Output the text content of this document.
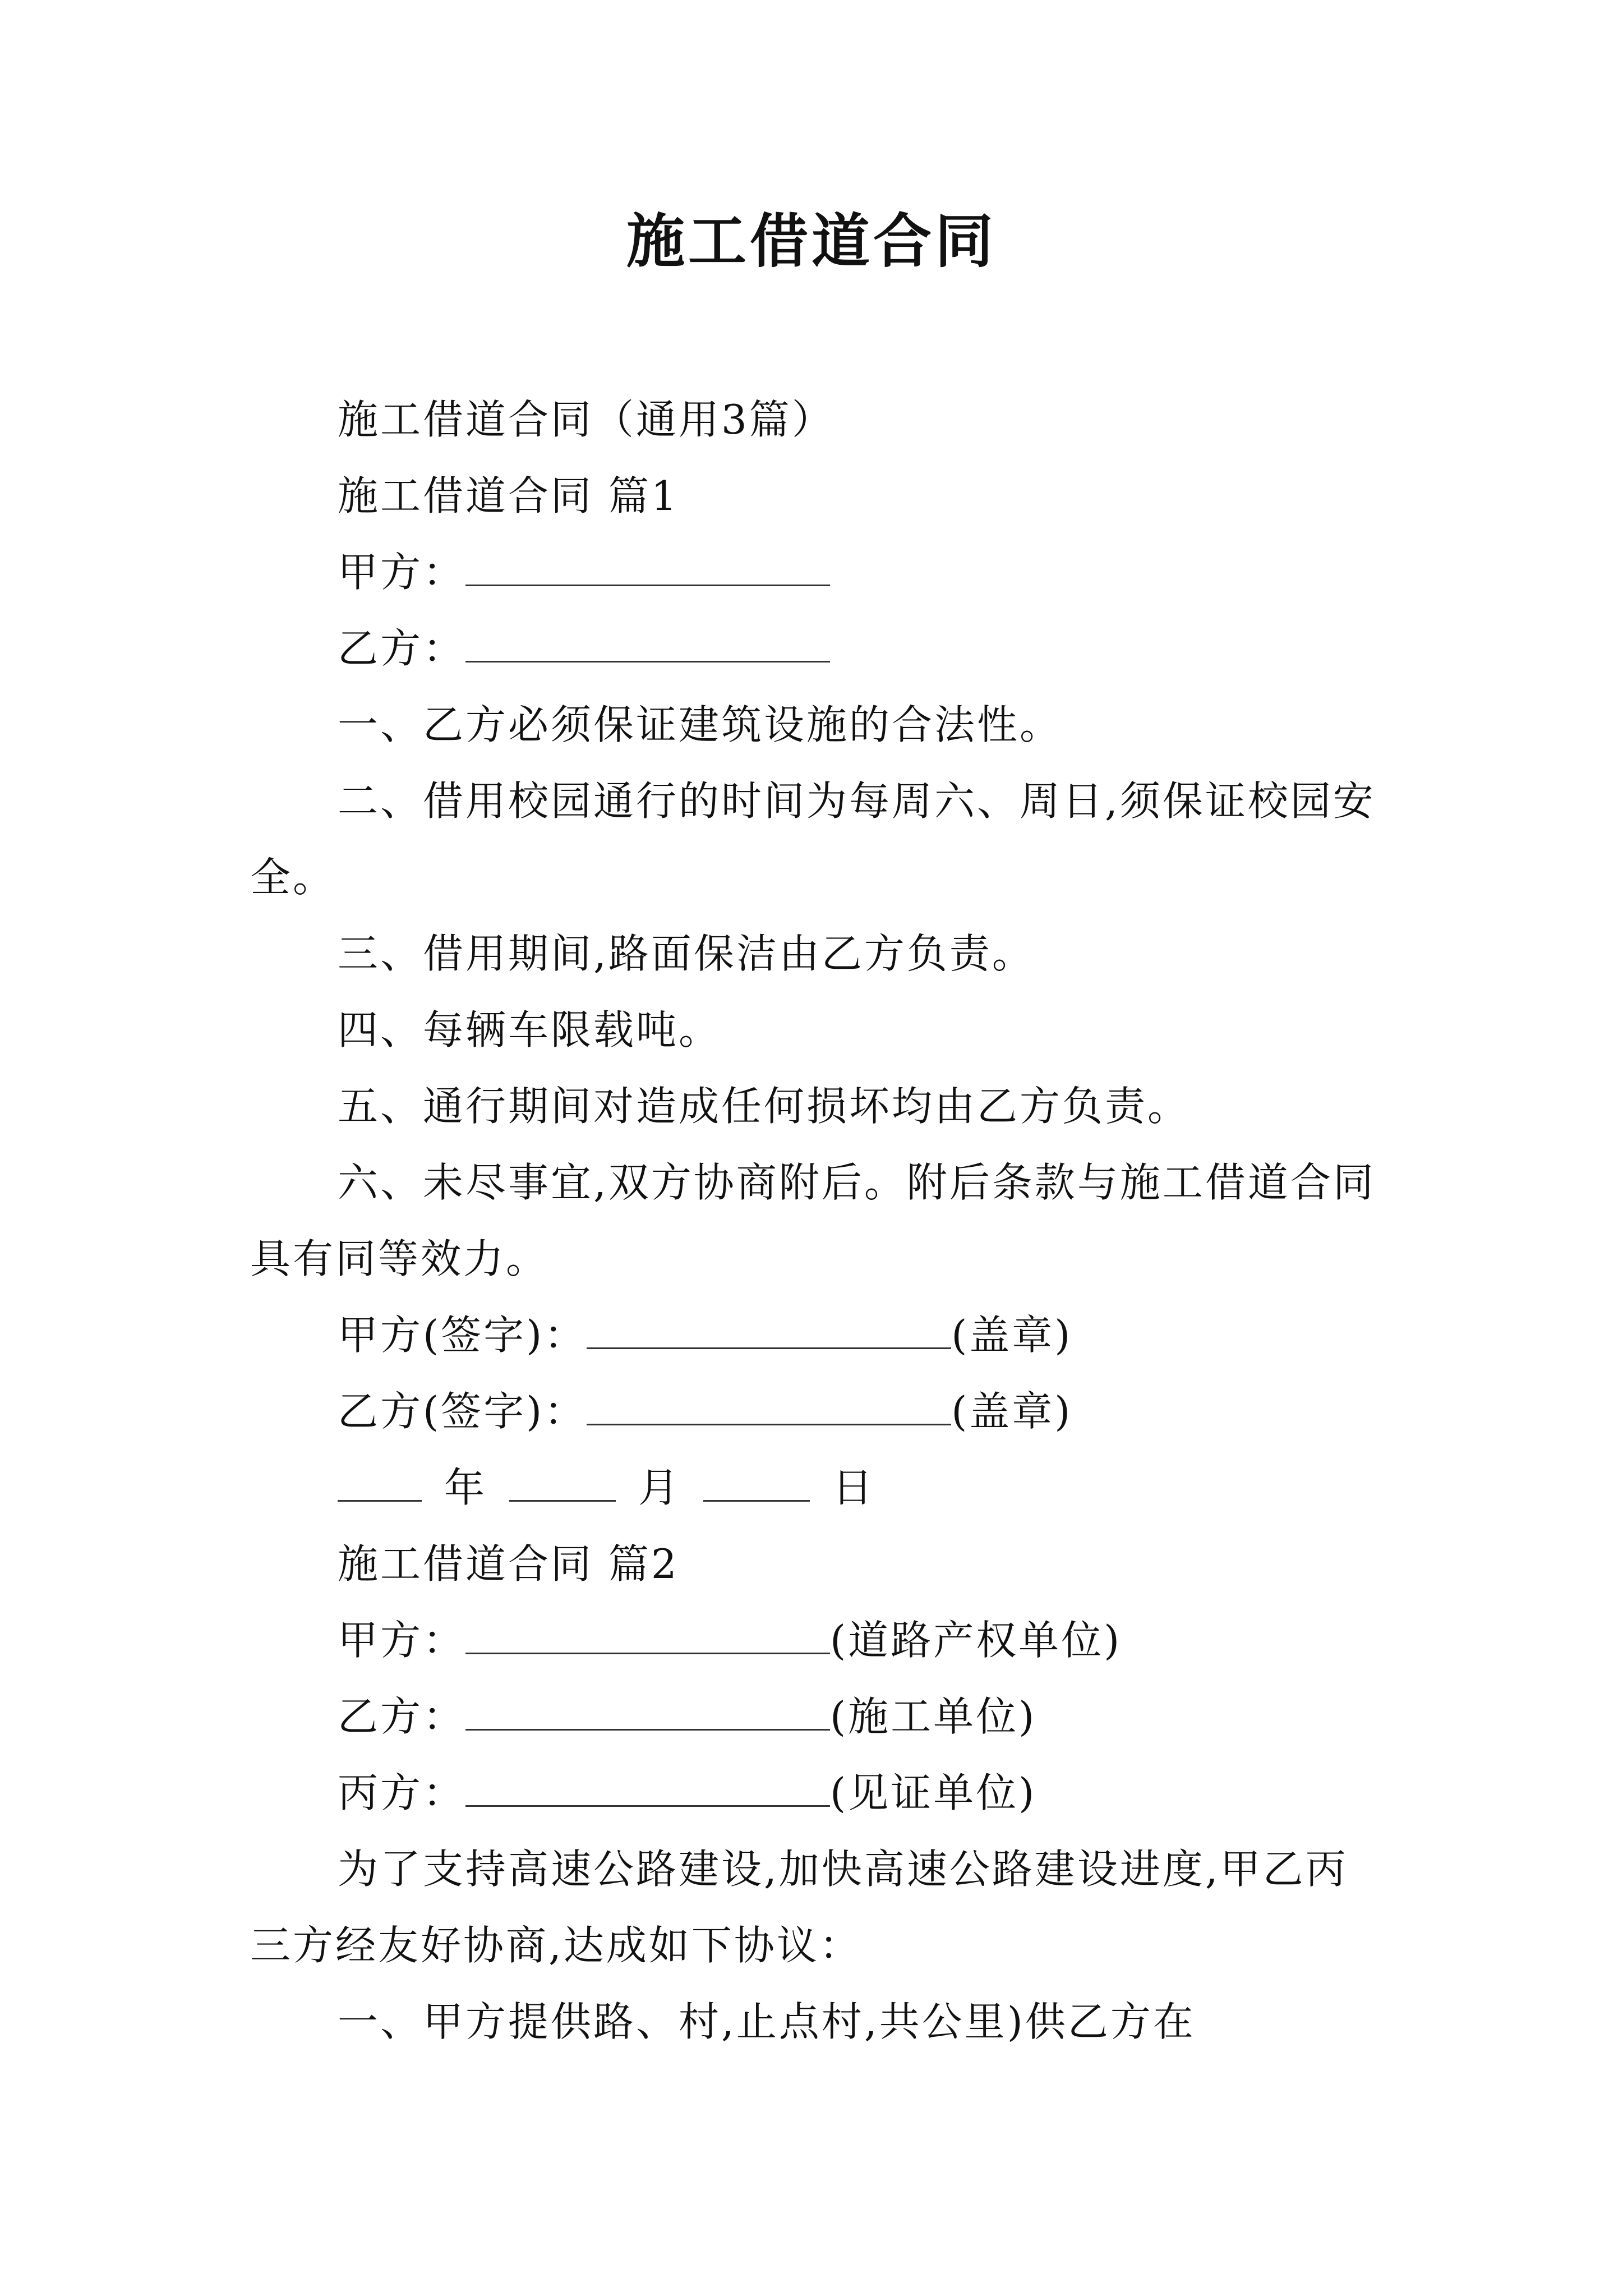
施工借道合同

施工借道合同（通用3篇）

施工借道合同 篇1

甲方：

乙方：

一、乙方必须保证建筑设施的合法性。

二、借用校园通行的时间为每周六、周日,须保证校园安全。

三、借用期间,路面保洁由乙方负责。

四、每辆车限载吨。

五、通行期间对造成任何损坏均由乙方负责。

六、未尽事宜,双方协商附后。附后条款与施工借道合同具有同等效力。

甲方(签字)：	(盖章)

乙方(签字)：	(盖章)

年	月	日

施工借道合同 篇2

甲方：	(道路产权单位)

乙方：	(施工单位)

丙方：	(见证单位)

为了支持高速公路建设,加快高速公路建设进度,甲乙丙三方经友好协商,达成如下协议：

一、甲方提供路、村,止点村,共公里)供乙方在
